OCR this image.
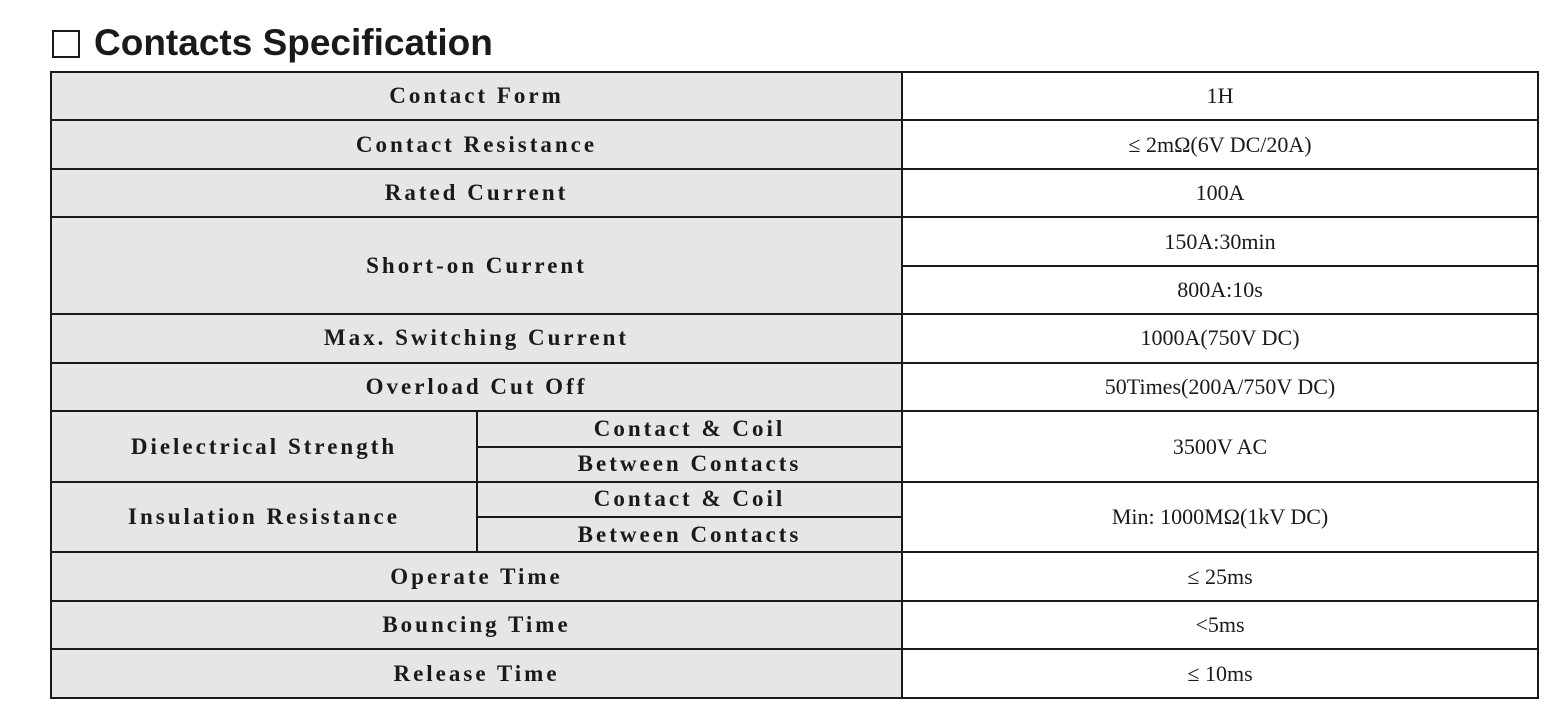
Contacts Specification
Contact Form		1H
Contact Resistance		≤ 2mΩ(6V DC/20A)
Rated Current		100A
Short-on Current		150A:30min
		800A:10s
Max. Switching Current		1000A(750V DC)
Overload Cut Off		50Times(200A/750V DC)
Dielectrical Strength	Contact & Coil	3500V AC
	Between Contacts	
Insulation Resistance	Contact & Coil	Min: 1000MΩ(1kV DC)
	Between Contacts	
Operate Time		≤ 25ms
Bouncing Time		<5ms
Release Time		≤ 10ms
